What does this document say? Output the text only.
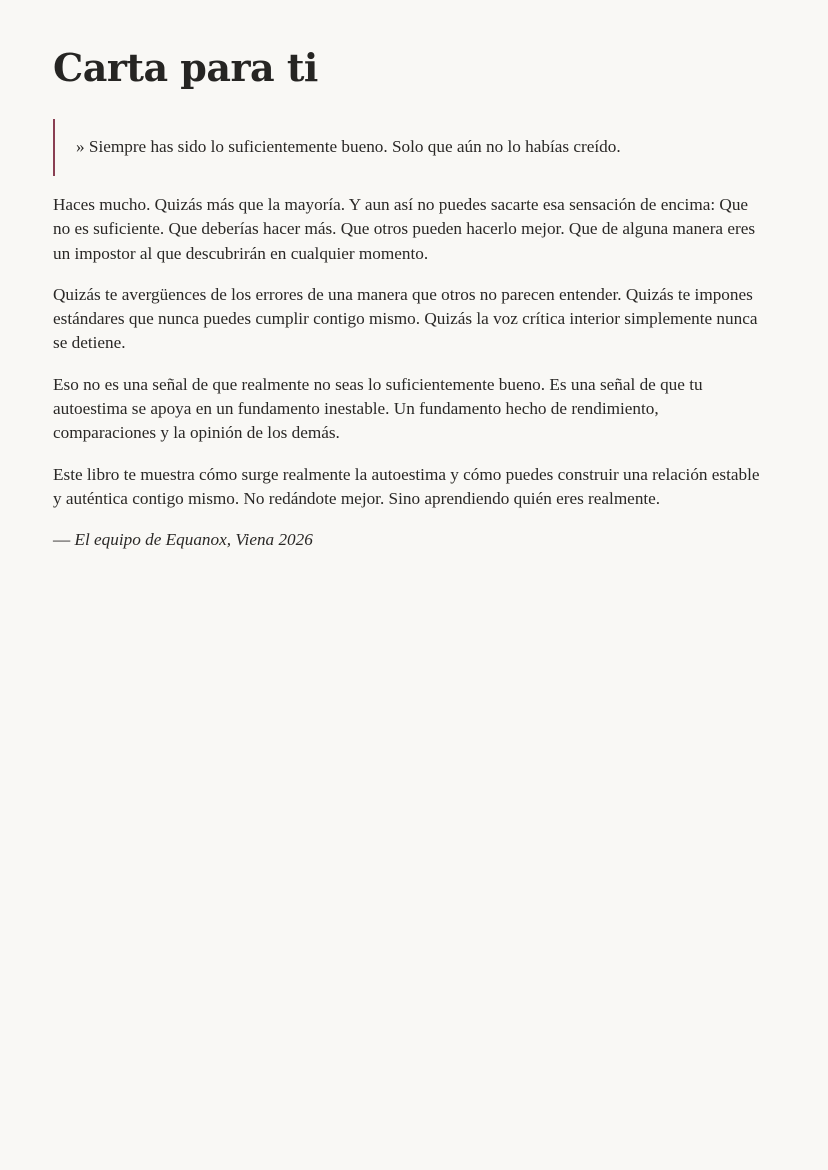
Carta para ti
» Siempre has sido lo suficientemente bueno. Solo que aún no lo habías creído.

Haces mucho. Quizás más que la mayoría. Y aun así no puedes sacarte esa sensación de encima: Que no es suficiente. Que deberías hacer más. Que otros pueden hacerlo mejor. Que de alguna manera eres un impostor al que descubrirán en cualquier momento.

Quizás te avergüences de los errores de una manera que otros no parecen entender. Quizás te impones estándares que nunca puedes cumplir contigo mismo. Quizás la voz crítica interior simplemente nunca se detiene.

Eso no es una señal de que realmente no seas lo suficientemente bueno. Es una señal de que tu autoestima se apoya en un fundamento inestable. Un fundamento hecho de rendimiento, comparaciones y la opinión de los demás.

Este libro te muestra cómo surge realmente la autoestima y cómo puedes construir una relación estable y auténtica contigo mismo. No redándote mejor. Sino aprendiendo quién eres realmente.

— El equipo de Equanox, Viena 2026
